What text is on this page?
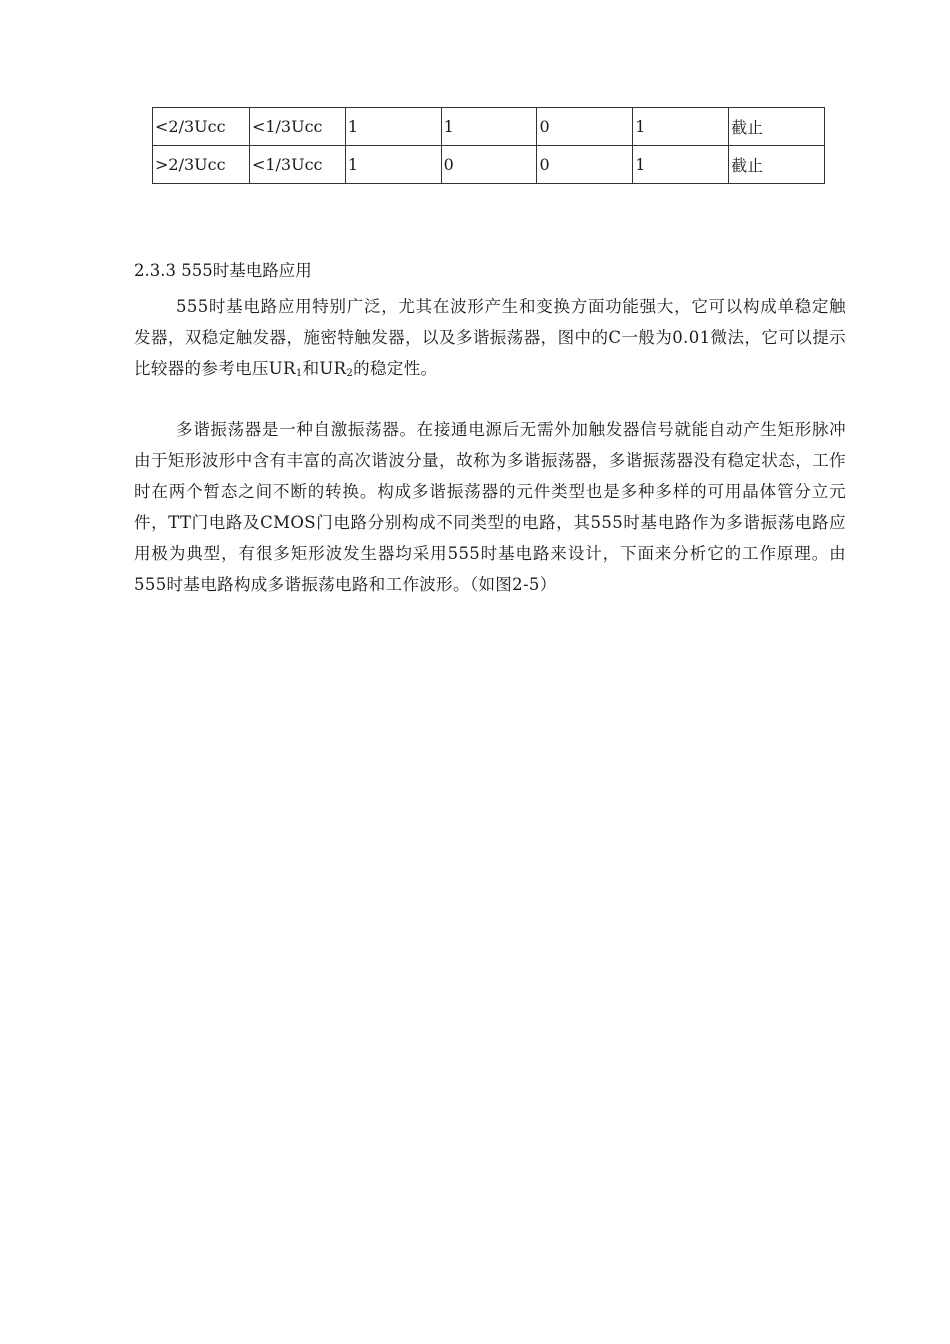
<2/3Ucc	<1/3Ucc	1	1	0	1	截止
>2/3Ucc	<1/3Ucc	1	0	0	1	截止
2.3.3 555时基电路应用

555时基电路应用特别广泛，尤其在波形产生和变换方面功能强大，它可以构成单稳定触发器，双稳定触发器，施密特触发器，以及多谐振荡器，图中的C一般为0.01微法，它可以提示比较器的参考电压$UR_1$和$UR_2$的稳定性。

多谐振荡器是一种自激振荡器。在接通电源后无需外加触发器信号就能自动产生矩形脉冲由于矩形波形中含有丰富的高次谐波分量，故称为多谐振荡器，多谐振荡器没有稳定状态，工作时在两个暂态之间不断的转换。构成多谐振荡器的元件类型也是多种多样的可用晶体管分立元件，TT门电路及CMOS门电路分别构成不同类型的电路，其555时基电路作为多谐振荡电路应用极为典型，有很多矩形波发生器均采用555时基电路来设计，下面来分析它的工作原理。由555时基电路构成多谐振荡电路和工作波形。（如图2-5）
